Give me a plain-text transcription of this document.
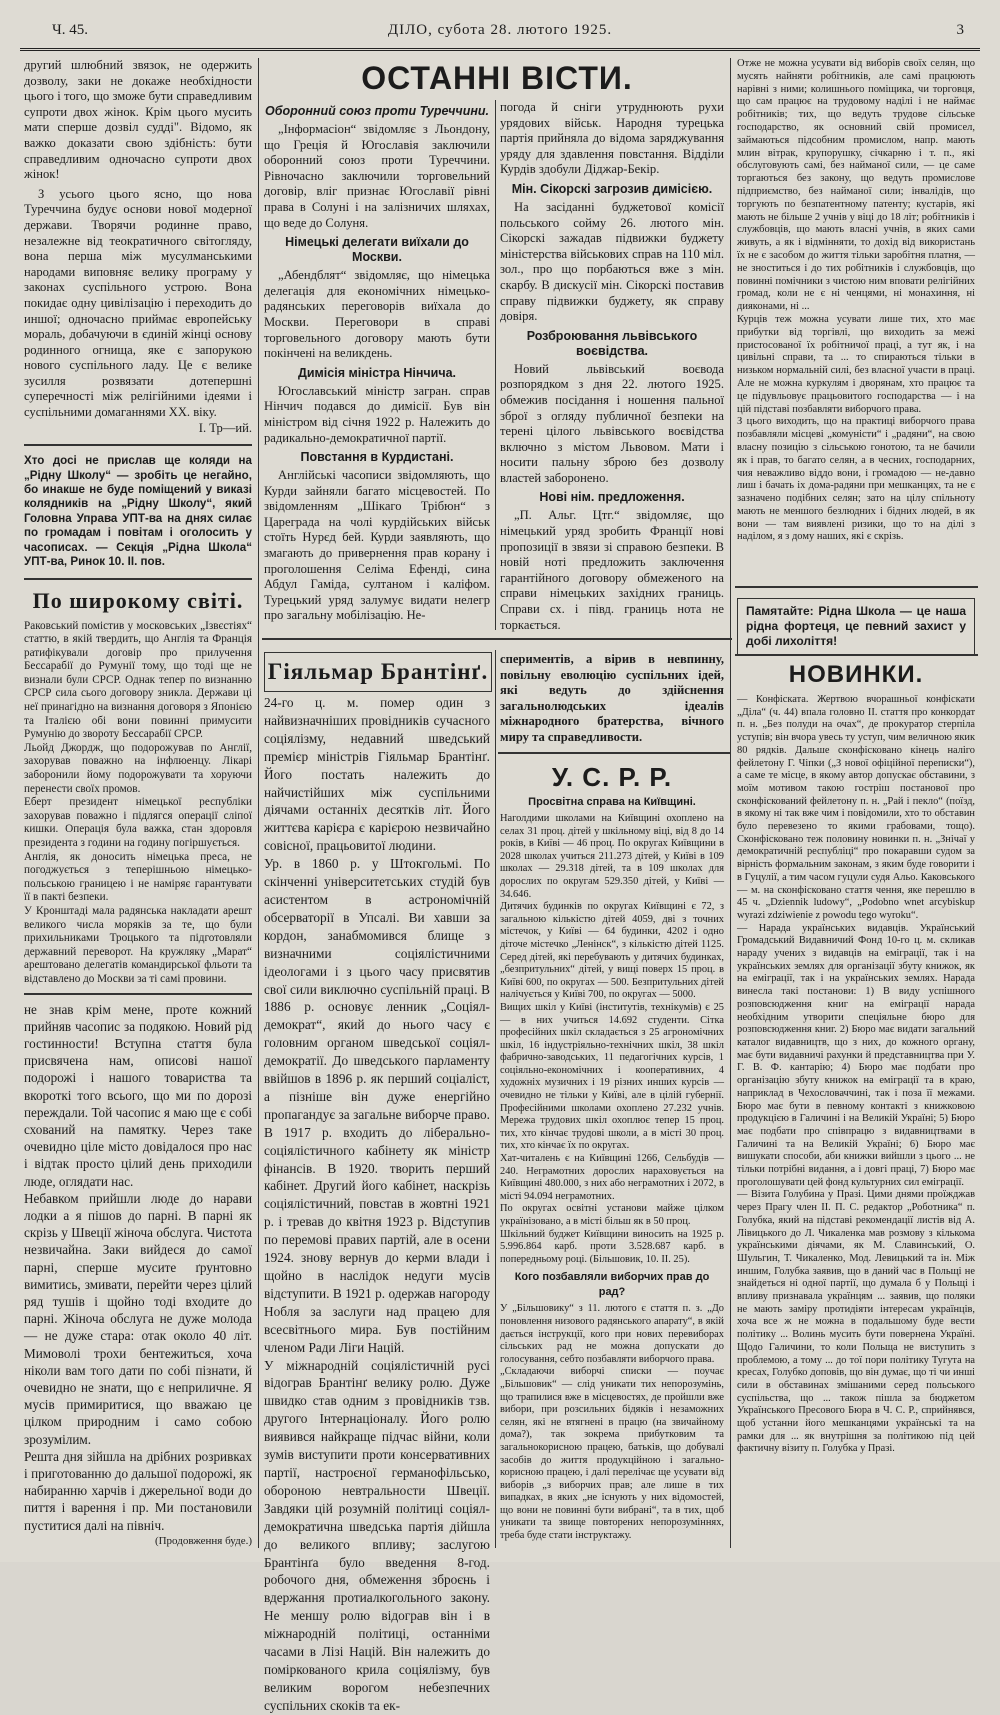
Ч. 45.	ДІЛО, субота 28. лютого 1925.	3

другий шлюбний звязок, не одержить дозволу, заки не докаже необхідности цього і того, що зможе бути справедливим супроти двох жінок. Крім цього мусить мати сперше дозвіл судді". Відомо, як важко доказати свою здібність: бути справедливим одночасно супроти двох жінок!

З усього цього ясно, що нова Туреччина будує основи нової модерної держави. Творячи родинне право, незалежне від теократичного світогляду, вона перша між мусулманськими народами виповняє велику програму у законах суспільного устрою. Вона покидає одну цивілізацію і переходить до иншої; одночасно приймає европейську мораль, добачуючи в єдиній жінці основу родинного огнища, яке є запорукою нового суспільного ладу. Це є велике зусилля розвязати дотепершні суперечності між релігійними ідеями і суспільними домаганнями XX. віку.

І. Тр—ий.

Хто досі не прислав ще коляди на „Рідну Школу“ — зробіть це негайно, бо инакше не буде поміщений у виказі колядників на „Рідну Школу“, який Головна Управа УПТ-ва на днях силає по громадам і повітам і оголосить у часописах. — Секція „Рідна Школа“ УПТ-ва, Ринок 10. II. пов.
По широкому світі.
Раковський помістив у московських „Ізвєстіях“ статтю, в якій твердить, що Англія та Франція ратифікували договір про прилучення Бессарабії до Румунії тому, що тоді ще не визнали були СРСР. Однак тепер по визнанню СРСР сила сього договору зникла. Держави ці неї принагідно на визнання договоря з Японією та Італією обі вони повинні примусити Румунію до звороту Бессарабії СРСР.
Льойд Джордж, що подорожував по Англії, захорував поважно на інфлюенцу. Лікарі заборонили йому подорожувати та хоруючи перенести своїх промов.
Еберт президент німецької республіки захорував поважно і підлягся операції сліпої кишки. Операція була важка, стан здоровля президента з години на годину погіршується.
Англія, як доносить німецька преса, не погоджується з теперішньою німецько-польською границею і не наміряє гарантувати її в пакті безпеки.
У Кронштаді мала радянська накладати арешт великого числа моряків за те, що були прихильниками Троцького та підготовляли державний переворот. На кружляку „Марат“ арештовано делегатів командирської фльоти та відставлено до Москви за ті самі провини.
не знав крім мене, проте кожний прийняв часопис за подякою. Новий рід гостинности! Вступна стаття була присвячена нам, описові нашої подорожі і нашого товариства та вкороткі того всього, що ми по дорозі переждали. Той часопис я маю ще є собі схований на памятку. Через таке очевидно ціле місто довідалося про нас і відтак просто цілий день приходили люде, оглядати нас.
Небавком прийшли люде до нарави лодки а я пішов до парні. В парні як скрізь у Швеції жіноча обслуга. Чистота незвичайна. Заки вийдеся до самої парні, сперше мусите ґрунтовно вимитись, змивати, перейти через цілий ряд тушів і щойно тоді входите до парні. Жіноча обслуга не дуже молода — не дуже стара: отак около 40 літ. Мимоволі трохи бентежиться, хоча ніколи вам того дати по собі пізнати, й очевидно не знати, що є неприличне. Я мусів примиритися, що вважаю це цілком природним і само собою зрозумілим.
Решта дня зійшла на дрібних розривках і приготованню до дальшої подорожі, як набиранню харчів і джерельної води до пиття і варення і пр. Ми постановили пуститися далі на північ.

(Продовження буде.)

ОСТАННІ ВІСТИ.
Оборонний союз проти Туреччини.

„Інформасіон“ звідомляє з Льондону, що Греція й Югославія заключили оборонний союз проти Туреччини. Рівночасно заключили торговельний договір, вліг признає Югославії рівні права в Солуні і на залізничих шляхах, що веде до Солуня.

Німецькі делегати виїхали до Москви.

„Абендблят“ звідомляє, що німецька делегація для економічних німецько-радянських переговорів виїхала до Москви. Переговори в справі торговельного договору мають бути покінчені на великдень.

Димісія міністра Нінчича.

Югославський міністр загран. справ Нінчич подався до димісії. Був він міністром від січня 1922 р. Належить до радикально-демократичної партії.

Повстання в Курдистані.

Англійські часописи звідомляють, що Курди зайняли багато місцевостей. По звідомленням „Шікаго Трібюн“ з Цареграда на чолі курдійських військ стоїть Нурєд бей. Курди заявляють, що змагають до привернення прав корану і проголошення Селіма Ефенді, сина Абдул Гаміда, султаном і каліфом. Турецький уряд залумує видати нелегр про загальну мобілізацію. Не-

погода й сніги утруднюють рухи урядових військ. Народня турецька партія прийняла до відома заряджування уряду для здавлення повстання. Відділи Курдів здобули Діджар-Бекір.

Мін. Сікорскі загрозив димісією.

На засіданні буджетової комісії польського сойму 26. лютого мін. Сікорскі зажадав підвижки буджету міністерства військових справ на 110 міл. зол., про що порбаються вже з мін. скарбу. В дискусії мін. Сікорскі поставив справу підвижки буджету, як справу довіря.

Розброювання львівського воєвідства.

Новий львівський воєвода розпорядком з дня 22. лютого 1925. обмежив посідання і ношення пальної зброї з огляду публичної безпеки на терені цілого львівського воєвідства включно з містом Львовом. Мати і носити пальну зброю без дозволу властей заборонено.

Нові нім. предложення.

„П. Альг. Цтг.“ звідомляє, що німецький уряд зробить Франції нові пропозиції в звязи зі справою безпеки. В новій ноті предложить заключення гарантійного договору обмеженого на справи німецьких західних границь. Справи сх. і півд. границь нота не торкається.

Гіяльмар Брантінґ.
24-го ц. м. помер один з найвизначніших провідників сучасного соціялізму, недавний шведський премієр міністрів Гіяльмар Брантінґ. Його постать належить до найчистійших між суспільними діячами останніх десятків літ. Його життєва карієра є карієрою незвичайно совісної, працьовитої людини.
Ур. в 1860 р. у Штокгольмі. По скінченні університетських студій був асистентом в астрономічній обсерваторії в Упсалі. Ви хавши за кордон, занабмомився блище з визначними соціялістичними ідеологами і з цього часу присвятив свої сили виключно суспільній праці. В 1886 р. основує ленник „Соціял-демократ“, який до нього часу є головним органом шведської соціял-демократії. До шведського парламенту ввійшов в 1896 р. як перший соціаліст, а пізніше він дуже енергійно пропагандує за загальне виборче право. В 1917 р. входить до ліберально-соціялістичного кабінету як міністр фінансів. В 1920. творить перший кабінет. Другий його кабінет, наскрізь соціялістичний, повстав в жовтні 1921 р. і тревав до квітня 1923 р. Відступив по перемові правих партій, але в осени 1924. знову вернув до керми влади і щойно в наслідок недуги мусів відступити. В 1921 р. одержав нагороду Нобля за заслуги над працею для всесвітнього мира. Був постійним членом Ради Ліги Націй.
У міжнародній соціялістичній русі відограв Брантінґ велику ролю. Дуже швидко став одним з провідників тзв. другого Інтернаціоналу. Його ролю виявився найкраще підчас війни, коли зумів виступити проти консервативних партії, настроєної германофільсько, обороною невтральности Швеції. Завдяки цій розумній політиці соціял-демократична шведська партія дійшла до великого впливу; заслугою Брантінґа було введення 8-год. робочого дня, обмеження зброєнь і вдержання протиалкогольного закону. Не меншу ролю відограв він і в міжнародній політиці, останніми часами в Лізі Націй. Він належить до поміркованого крила соціялізму, був великим ворогом небезпечних суспільних скоків та ек-

спериментів, а вірив в невпинну, повільну еволюцію суспільних ідей, які ведуть до здійснення загальнолюдських ідеалів міжнародного братерства, вічного миру та справедливости.

У. С. Р. Р.
Просвітна справа на Київщині.
Наголдими школами на Київщині охоплено на селах 31 проц. дітей у шкільному віці, від 8 до 14 років, в Київі — 46 проц. По округах Київщини в 2028 школах учиться 211.273 дітей, у Київі в 109 школах — 29.318 дітей, та в 109 школах для дорослих по округам 529.350 дітей, у Київі — 34.646.
Дитячих будинків по округах Київщині є 72, з загальною кількістю дітей 4059, дві з точних містечок, у Київі — 64 будинки, 4202 і одно діточе містечко „Ленінск“, з кількістю дітей 1125. Серед дітей, які перебувають у дитячих будинках, „безпритульних“ дітей, у вищі поверх 15 проц. в Київі 600, по округах — 500. Безпритульних дітей налічується у Київі 700, по округах — 5000.
Вищих шкіл у Київі (інститутів, технікумів) є 25 — в них учиться 14.692 студенти. Сітка професійних шкіл складається з 25 агрономічних шкіл, 16 індустріяльно-технічних шкіл, 38 шкіл фабрично-заводських, 11 педагогічних курсів, 1 соціяльно-економічних і кооперативних, 4 художніх музичних і 19 різних инших курсів — очевидно не тільки у Київі, але в цілій губернії. Професійними школами охоплено 27.232 учнів. Мережа трудових шкіл охоплює тепер 15 проц. тих, хто кінчає трудові школи, а в місті 30 проц. тих, хто кінчає їх по округах.
Хат-читалень є на Київщині 1266, Сельбудів — 240. Неграмотних дорослих нараховується на Київщині 480.000, з них або неграмотних і 2072, в місті 94.094 неграмотних.
По округах освітні установи майже цілком українізовано, а в місті більш як в 50 проц.
Шкільний буджет Київщини виносить на 1925 р. 5.996.864 карб. проти 3.528.687 карб. в попередньому році. (Більшовик, 10. II. 25).
Кого позбавляли виборчих прав до рад?
У „Більшовику“ з 11. лютого є стаття п. з. „До поновлення низового радянського апарату“, в якій дається інструкції, кого при нових перевиборах сільських рад не можна допускати до голосування, себто позбавляти виборчого права.
„Складаючи виборчі списки — поучає „Більшовик“ — слід уникати тих непорозумінь, що трапилися вже в місцевостях, де пройшли вже вибори, при розсильних бідяків і незаможних селян, які не втягнені в працю (на звичайному дома?), так зокрема прибутковим та загальнокорисною працею, батьків, що добувалі засобів до життя продукційною і загально-корисною працею, і далі перелічає ще усувати від виборів „з виборчих прав; але лише в тих випадках, в яких „не існують у них відомостей, що вони не повинні бути вибрані“, та в тих, щоб уникати та звище повторених непорозуміннях, треба буде стати інструктажу.
Отже не можна усувати від виборів своїх селян, що мусять найняти робітників, але самі працюють нарівні з ними; колишнього поміщика, чи торговця, що сам працює на трудовому наділі і не наймає робітників; тих, що ведуть трудове сільське господарство, як основний свій промисел, займаються підсобним промислом, напр. мають млин вітрак, крупорушку, січкарню і т. п., які обслуговують самі, без найманої сили, — це саме торгаються без закону, що ведуть промислове підприємство, без найманої сили; інвалідів, що торгують по безпатентному патенту; кустарів, які мають не більше 2 учнів у віці до 18 літ; робітників і службовців, що мають власні учнів, в яких сами живуть, а як і відмінняти, то дохід від використань їх не є засобом до життя тільки заробітня платня, — не зноститься і до тих робітників і службовців, що повинні помічники з чистою ним вповати релігійних громад, коли не є ні ченцями, ні монахиння, ні дияконами, ні ...
Курців теж можна усувати лише тих, хто має прибутки від торгівлі, що виходить за межі пристосованої їх робітничої праці, а тут як, і на цивільні справи, та ... то спираються тільки в низьком нормальній силі, без власної участи в праці. Але не можна куркулям і дворянам, хто працює та це підувльовує працьовитого господарства — і на цій підставі позбавляти виборчого права.
З цього виходить, що на практиці виборчого права позбавляли місцеві „комуністи“ і „радяни“, на свою власну позицію з сільською гонотою, та не бачили як і прав, то багато селян, а в чесних, господарних, чия неважливо віддо вони, і громадою — не-давно лиш і бачать іх дома-радяни при мешканцях, та не є зазначено подібних селян; зато на цілу спільноту мають не меншого безлюдних і бідних людей, в як вони — там виявлені ризики, що то на ділі з наділом, я з дому наших, які є скрізь.
Памятайте: Рідна Школа — це наша рідна фортеця, це певний захист у добі лихоліття!
НОВИНКИ.
— Конфіската. Жертвою вчорашньої конфіскати „Діла“ (ч. 44) впала головно II. стаття про конкордат п. н. „Без полуди на очах“, де прокуратор стерпіла уступів; він вчора увесь ту уступ, чим величною якик 80 рядків. Дальше сконфісковано кінець наліго фейлетону Г. Чіпки („З нової офіційної переписки“), а саме те місце, в якому автор допускає обставини, з моїм мотивом такою гостріш постанової про сконфіскований фейлетону п. н. „Рай і пекло“ (поїзд, в якому ні так вже чим і повідомили, хто то обставин було перевезено то якими грабовами, тощо). Сконфісковано теж половину новинки п. н. „Знічаї у демократичній республіці“ про покаравши судом за вірність формальним законам, з яким буде говорити і в Гуцулії, а тим часом гуцули судя Альо. Каковського — м. на сконфісковано стаття чення, яке перешлю в 45 ч. „Dziennik ludowy“, „Podobno wnet arcybiskup wyrazi zdziwienie z powodu tego wyroku“.
— Нарада українських видавців. Український Громадський Видавничий Фонд 10-го ц. м. скликав нараду учених з видавців на еміграції, так і на українських землях для організації збуту книжок, як на еміграції, так і на українських землях. Нарада винесла такі постанови: 1) В виду успішного розповсюдження книг на еміграції нарада необхідним утворити спеціяльне бюро для розповсюдження книг. 2) Бюро має видати загальний каталог видавництв, що з них, до кожного органу, має бути видавничі рахунки й представництва при У. Г. В. Ф. кантарію; 4) Бюро має подбати про організацію збуту книжок на еміграції та в краю, наприклад в Чехословаччині, так і поза її межами. Бюро має бути в певному контакті з книжковою продукцією в Галичині і на Великій Україні; 5) Бюро має подбати про співпрацю з видавництвами в Галичині та на Великій Україні; 6) Бюро має вишукати способи, аби книжки вийшли з цього ... не тільки потрібні видання, а і довгі праці, 7) Бюро має проголошувати цей фонд культурних сил еміграції.
— Візита Голубина у Празі. Цими днями проїжджав через Прагу член II. П. С. редактор „Роботника“ п. Голубка, який на підставі рекомендації листів від А. Лівицького до Л. Чикаленка мав розмову з кількома українськими діячами, як М. Славинський, О. Шульгин, Т. Чикаленко, Мод. Левицький та ін. Між иншим, Голубка заявив, що в даний час в Польщі не знайдеться ні одної партії, що думала б у Польщі і впливу признавала українцям ... заявив, що поляки не мають заміру протидіяти інтересам українців, хоча все ж не можна в подальшому буде вести політику ... Волинь мусить бути повернена Україні. Щодо Галичини, то коли Польща не виступить з проблемою, а тому ... до тої пори політику Тугута на кресах, Голубко доповів, що він думає, що ті чи инші сили в обставинах змішаними серед польського суспільства, що ... також пішла за бюджетом Українського Пресового Бюра в Ч. С. Р., сприйнявся, щоб устанни його мешканцями українські та на рамки для ... як внутрішня за політикою під цей фактичну візиту п. Голубка у Празі.
